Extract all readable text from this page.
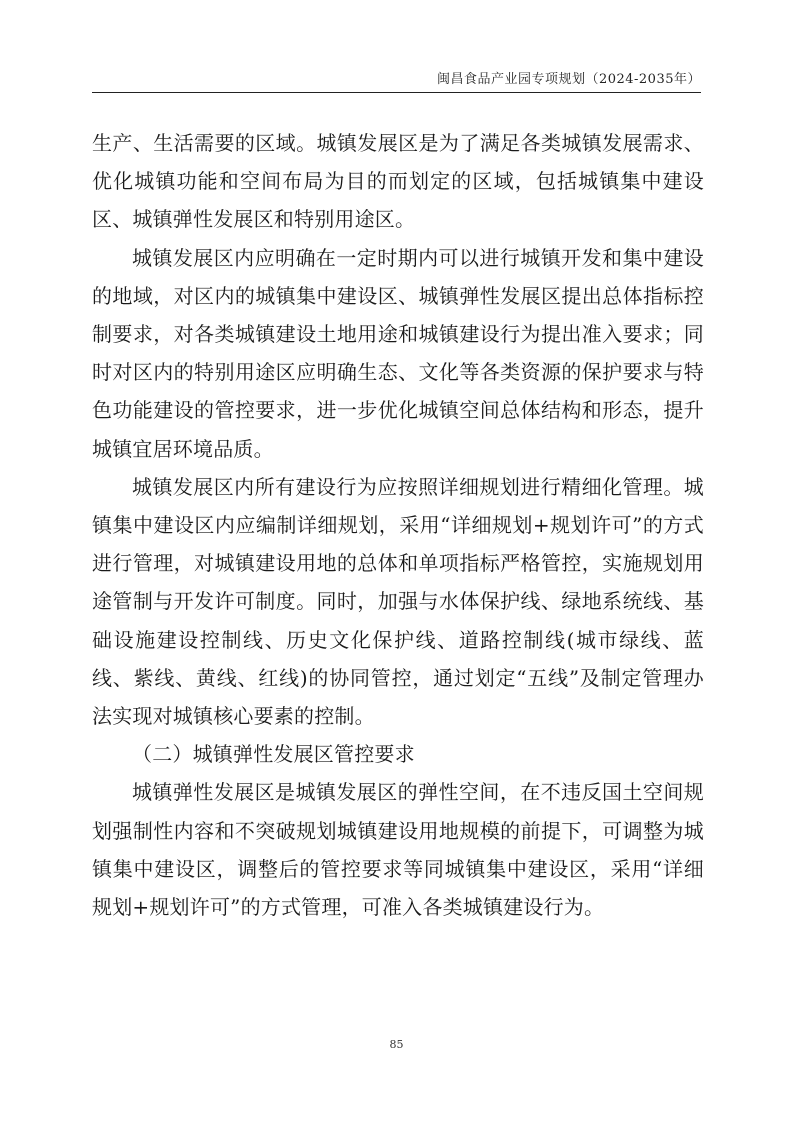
闽昌食品产业园专项规划（2024-2035年）

生产、生活需要的区域。城镇发展区是为了满足各类城镇发展需求、优化城镇功能和空间布局为目的而划定的区域，包括城镇集中建设区、城镇弹性发展区和特别用途区。

城镇发展区内应明确在一定时期内可以进行城镇开发和集中建设的地域，对区内的城镇集中建设区、城镇弹性发展区提出总体指标控制要求，对各类城镇建设土地用途和城镇建设行为提出准入要求；同时对区内的特别用途区应明确生态、文化等各类资源的保护要求与特色功能建设的管控要求，进一步优化城镇空间总体结构和形态，提升城镇宜居环境品质。

城镇发展区内所有建设行为应按照详细规划进行精细化管理。城镇集中建设区内应编制详细规划，采用“详细规划+规划许可”的方式进行管理，对城镇建设用地的总体和单项指标严格管控，实施规划用途管制与开发许可制度。同时，加强与水体保护线、绿地系统线、基础设施建设控制线、历史文化保护线、道路控制线(城市绿线、蓝线、紫线、黄线、红线)的协同管控，通过划定“五线”及制定管理办法实现对城镇核心要素的控制。

（二）城镇弹性发展区管控要求

城镇弹性发展区是城镇发展区的弹性空间，在不违反国土空间规划强制性内容和不突破规划城镇建设用地规模的前提下，可调整为城镇集中建设区，调整后的管控要求等同城镇集中建设区，采用“详细规划+规划许可”的方式管理，可准入各类城镇建设行为。

85
